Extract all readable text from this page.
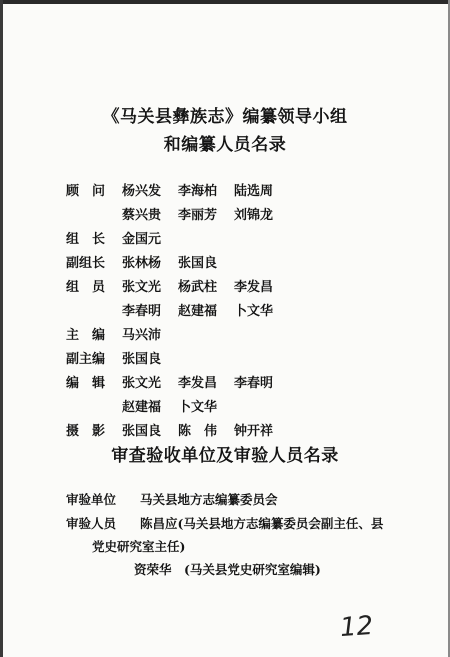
《马关县彝族志》编纂领导小组
和编纂人员名录
顾　问	杨兴发 李海柏 陆选周
蔡兴贵 李丽芳 刘锦龙
组　长	金国元
副组长	张林杨 张国良
组　员	张文光 杨武柱 李发昌
李春明 赵建福 卜文华
主　编	马兴沛
副主编	张国良
编　辑	张文光 李发昌 李春明
赵建福 卜文华
摄　影	张国良 陈　伟 钟开祥
审查验收单位及审验人员名录
审验单位 马关县地方志编纂委员会
审验人员 陈昌应(马关县地方志编纂委员会副主任、县
党史研究室主任)
资荣华　(马关县党史研究室编辑)
12
